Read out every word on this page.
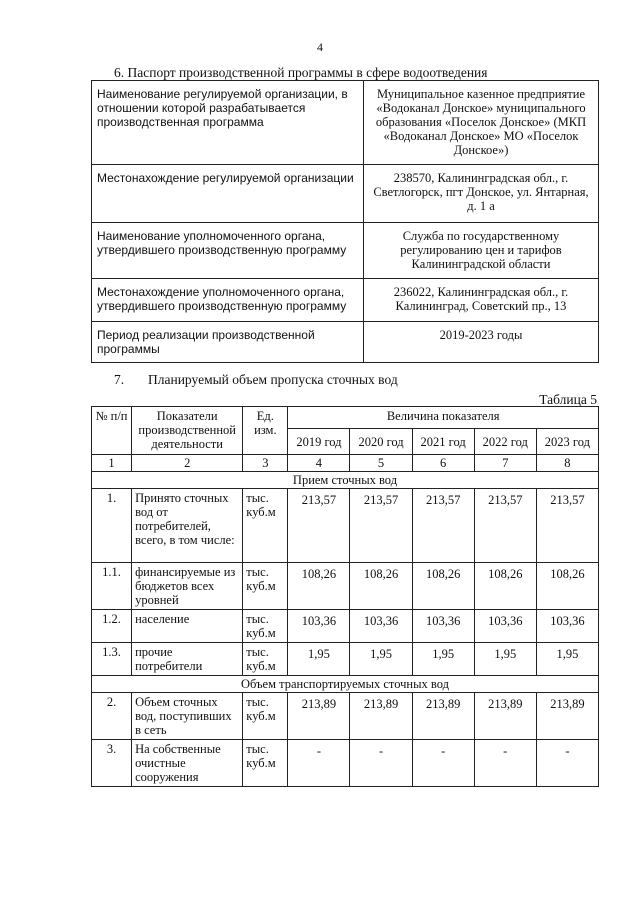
4
6. Паспорт производственной программы в сфере водоотведения
Наименование регулируемой организации, в отношении которой разрабатывается производственная программа	Муниципальное казенное предприятие «Водоканал Донское» муниципального образования «Поселок Донское» (МКП «Водоканал Донское» МО «Поселок Донское»)
Местонахождение регулируемой организации	238570, Калининградская обл., г. Светлогорск, пгт Донское, ул. Янтарная, д. 1 а
Наименование уполномоченного органа, утвердившего производственную программу	Служба по государственному регулированию цен и тарифов Калининградской области
Местонахождение уполномоченного органа, утвердившего производственную программу	236022, Калининградская обл., г. Калининград, Советский пр., 13
Период реализации производственной программы	2019-2023 годы
7. Планируемый объем пропуска сточных вод
Таблица 5
№ п/п	Показатели производственной деятельности	Ед. изм.	Величина показателя				
			2019 год	2020 год	2021 год	2022 год	2023 год
1	2	3	4	5	6	7	8
Прием сточных вод							
1.	Принято сточных вод от потребителей, всего, в том числе:	тыс. куб.м	213,57	213,57	213,57	213,57	213,57
1.1.	финансируемые из бюджетов всех уровней	тыс. куб.м	108,26	108,26	108,26	108,26	108,26
1.2.	население	тыс. куб.м	103,36	103,36	103,36	103,36	103,36
1.3.	прочие потребители	тыс. куб.м	1,95	1,95	1,95	1,95	1,95
Объем транспортируемых сточных вод							
2.	Объем сточных вод, поступивших в сеть	тыс. куб.м	213,89	213,89	213,89	213,89	213,89
3.	На собственные очистные сооружения	тыс. куб.м	-	-	-	-	-
